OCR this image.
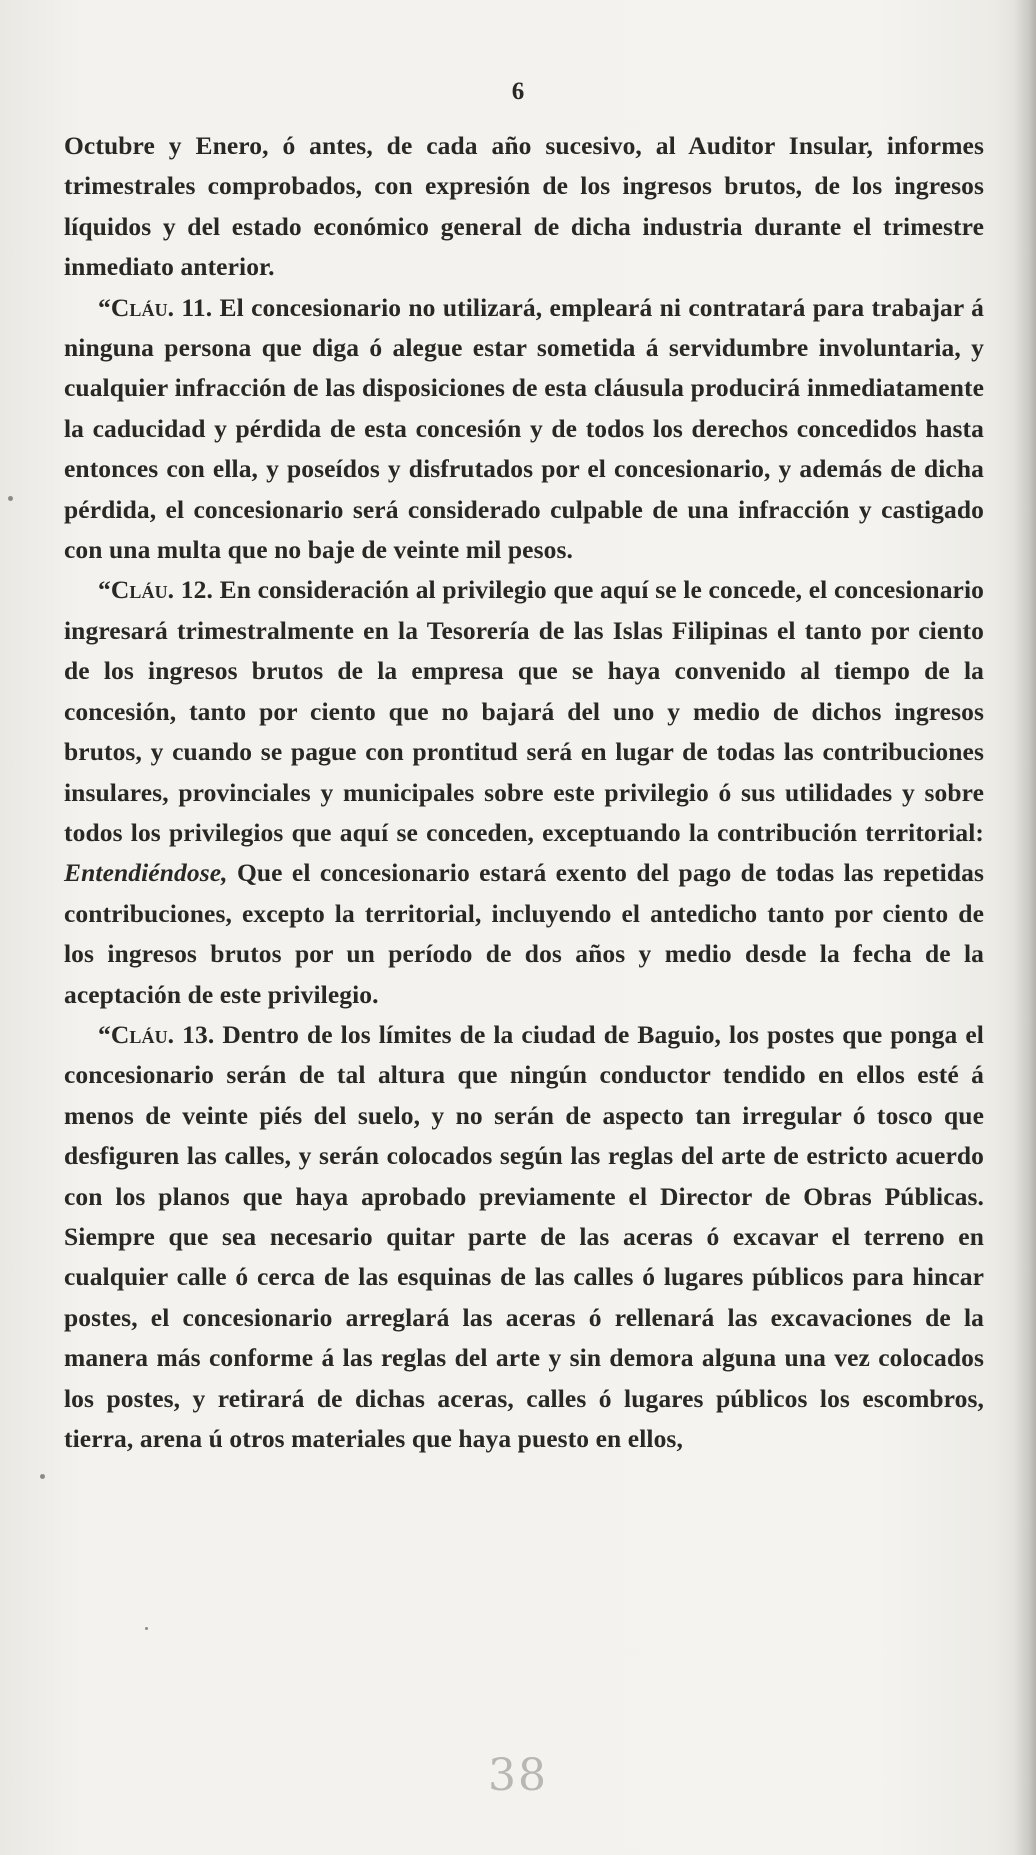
6

Octubre y Enero, ó antes, de cada año sucesivo, al Auditor Insular, informes trimestrales comprobados, con expresión de los ingresos brutos, de los ingresos líquidos y del estado económico general de dicha industria durante el trimestre inmediato anterior.

“Cláu. 11. El concesionario no utilizará, empleará ni contratará para trabajar á ninguna persona que diga ó alegue estar sometida á servidumbre involuntaria, y cualquier infracción de las disposiciones de esta cláusula producirá inmediatamente la caducidad y pérdida de esta concesión y de todos los derechos concedidos hasta entonces con ella, y poseídos y disfrutados por el concesionario, y además de dicha pérdida, el concesionario será considerado culpable de una infracción y castigado con una multa que no baje de veinte mil pesos.

“Cláu. 12. En consideración al privilegio que aquí se le concede, el concesionario ingresará trimestralmente en la Tesorería de las Islas Filipinas el tanto por ciento de los ingresos brutos de la empresa que se haya convenido al tiempo de la concesión, tanto por ciento que no bajará del uno y medio de dichos ingresos brutos, y cuando se pague con prontitud será en lugar de todas las contribuciones insulares, provinciales y municipales sobre este privilegio ó sus utilidades y sobre todos los privilegios que aquí se conceden, exceptuando la contribución territorial: Entendiéndose, Que el concesionario estará exento del pago de todas las repetidas contribuciones, excepto la territorial, incluyendo el antedicho tanto por ciento de los ingresos brutos por un período de dos años y medio desde la fecha de la aceptación de este privilegio.

“Cláu. 13. Dentro de los límites de la ciudad de Baguio, los postes que ponga el concesionario serán de tal altura que ningún conductor tendido en ellos esté á menos de veinte piés del suelo, y no serán de aspecto tan irregular ó tosco que desfiguren las calles, y serán colocados según las reglas del arte de estricto acuerdo con los planos que haya aprobado previamente el Director de Obras Públicas. Siempre que sea necesario quitar parte de las aceras ó excavar el terreno en cualquier calle ó cerca de las esquinas de las calles ó lugares públicos para hincar postes, el concesionario arreglará las aceras ó rellenará las excavaciones de la manera más conforme á las reglas del arte y sin demora alguna una vez colocados los postes, y retirará de dichas aceras, calles ó lugares públicos los escombros, tierra, arena ú otros materiales que haya puesto en ellos,

38
